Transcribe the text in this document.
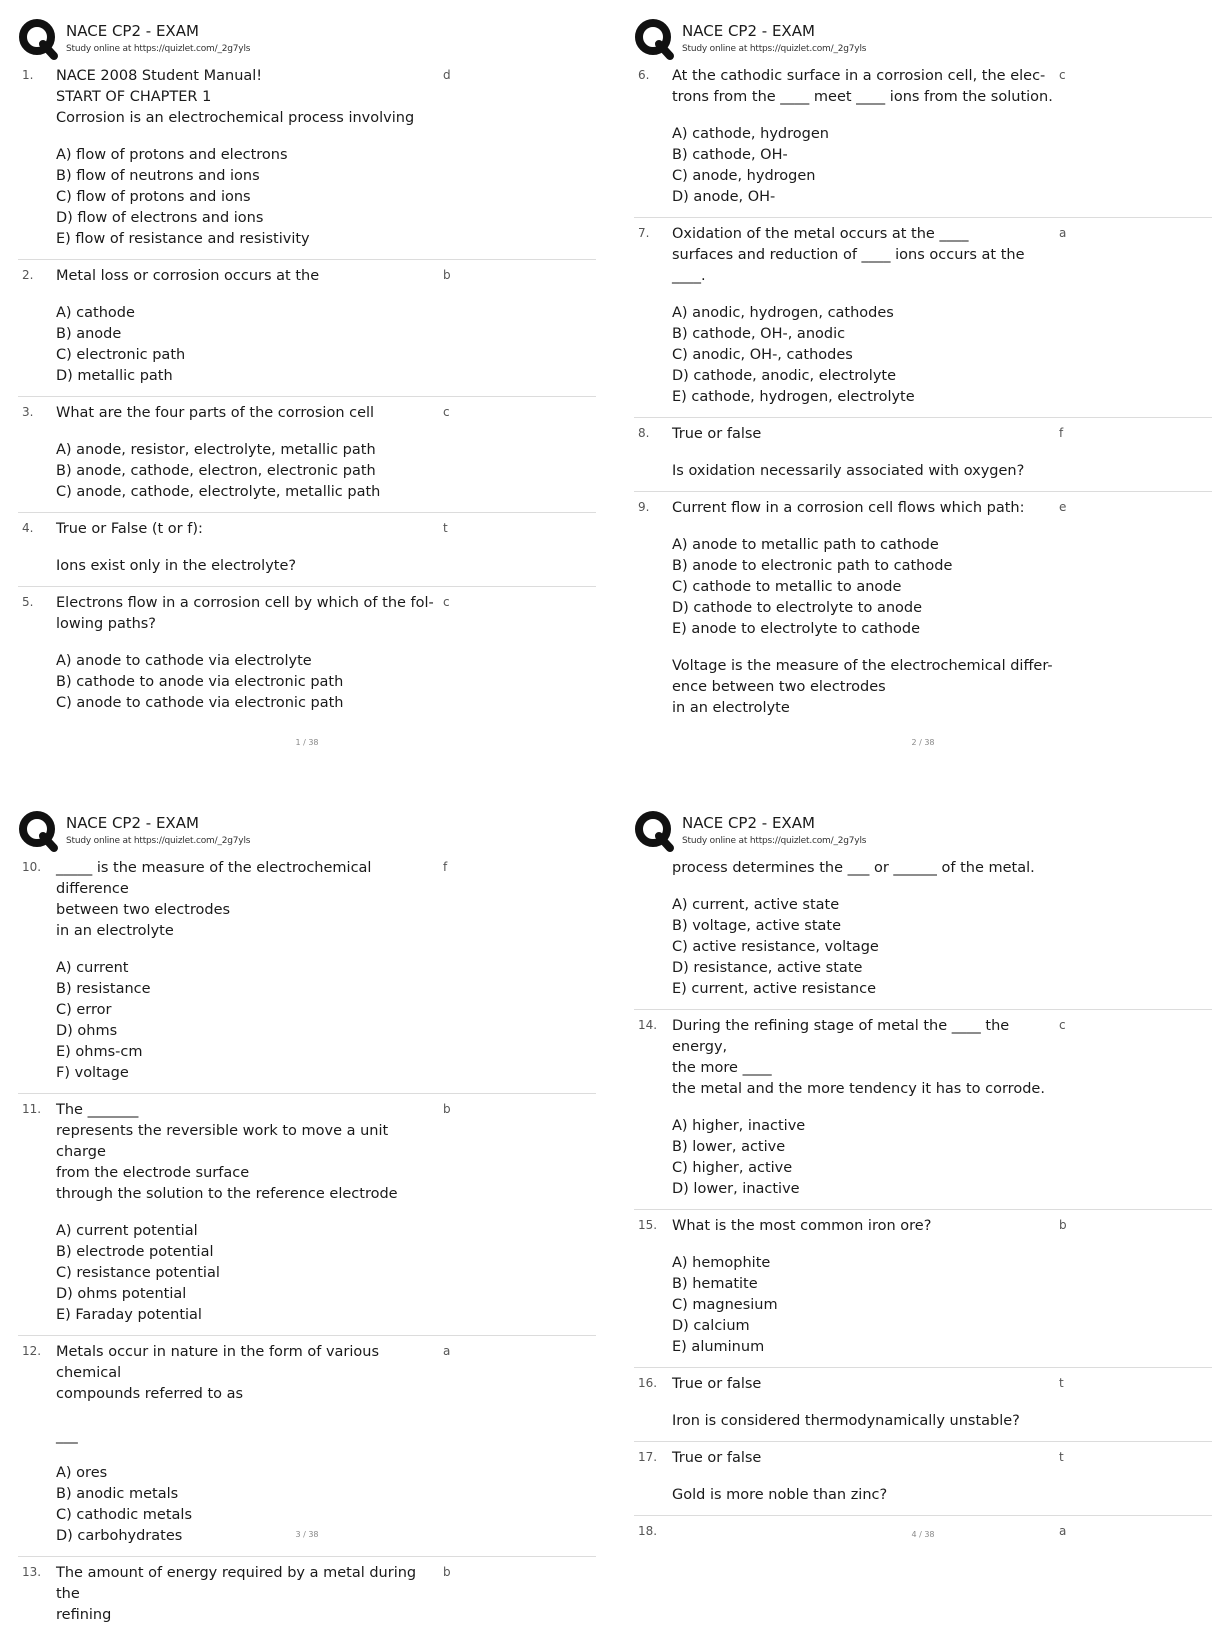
NACE CP2 - EXAM
Study online at https://quizlet.com/_2g7yls
1.	d
NACE 2008 Student Manual!
START OF CHAPTER 1
Corrosion is an electrochemical process involving
A) flow of protons and electrons
B) flow of neutrons and ions
C) flow of protons and ions
D) flow of electrons and ions
E) flow of resistance and resistivity
2.	b
Metal loss or corrosion occurs at the
A) cathode
B) anode
C) electronic path
D) metallic path
3.	c
What are the four parts of the corrosion cell
A) anode, resistor, electrolyte, metallic path
B) anode, cathode, electron, electronic path
C) anode, cathode, electrolyte, metallic path
4.	t
True or False (t or f):
Ions exist only in the electrolyte?
5.	c
Electrons flow in a corrosion cell by which of the fol-
lowing paths?
A) anode to cathode via electrolyte
B) cathode to anode via electronic path
C) anode to cathode via electronic path
1 / 38
NACE CP2 - EXAM
Study online at https://quizlet.com/_2g7yls
6.	c
At the cathodic surface in a corrosion cell, the elec-
trons from the ____ meet ____ ions from the solution.
A) cathode, hydrogen
B) cathode, OH-
C) anode, hydrogen
D) anode, OH-
7.	a
Oxidation of the metal occurs at the ____
surfaces and reduction of ____ ions occurs at the ____.
A) anodic, hydrogen, cathodes
B) cathode, OH-, anodic
C) anodic, OH-, cathodes
D) cathode, anodic, electrolyte
E) cathode, hydrogen, electrolyte
8.	f
True or false
Is oxidation necessarily associated with oxygen?
9.	e
Current flow in a corrosion cell flows which path:
A) anode to metallic path to cathode
B) anode to electronic path to cathode
C) cathode to metallic to anode
D) cathode to electrolyte to anode
E) anode to electrolyte to cathode
Voltage is the measure of the electrochemical differ-
ence between two electrodes
in an electrolyte
2 / 38
NACE CP2 - EXAM
Study online at https://quizlet.com/_2g7yls
10.	f
_____ is the measure of the electrochemical difference
between two electrodes
in an electrolyte
A) current
B) resistance
C) error
D) ohms
E) ohms-cm
F) voltage
11.	b
The _______
represents the reversible work to move a unit charge
from the electrode surface
through the solution to the reference electrode
A) current potential
B) electrode potential
C) resistance potential
D) ohms potential
E) Faraday potential
12.	a
Metals occur in nature in the form of various chemical
compounds referred to as

___
A) ores
B) anodic metals
C) cathodic metals
D) carbohydrates
13.	b
The amount of energy required by a metal during the
refining
3 / 38
NACE CP2 - EXAM
Study online at https://quizlet.com/_2g7yls
process determines the ___ or ______ of the metal.
A) current, active state
B) voltage, active state
C) active resistance, voltage
D) resistance, active state
E) current, active resistance
14.	c
During the refining stage of metal the ____ the energy,
the more ____
the metal and the more tendency it has to corrode.
A) higher, inactive
B) lower, active
C) higher, active
D) lower, inactive
15.	b
What is the most common iron ore?
A) hemophite
B) hematite
C) magnesium
D) calcium
E) aluminum
16.	t
True or false
Iron is considered thermodynamically unstable?
17.	t
True or false
Gold is more noble than zinc?
18.	a

4 / 38
